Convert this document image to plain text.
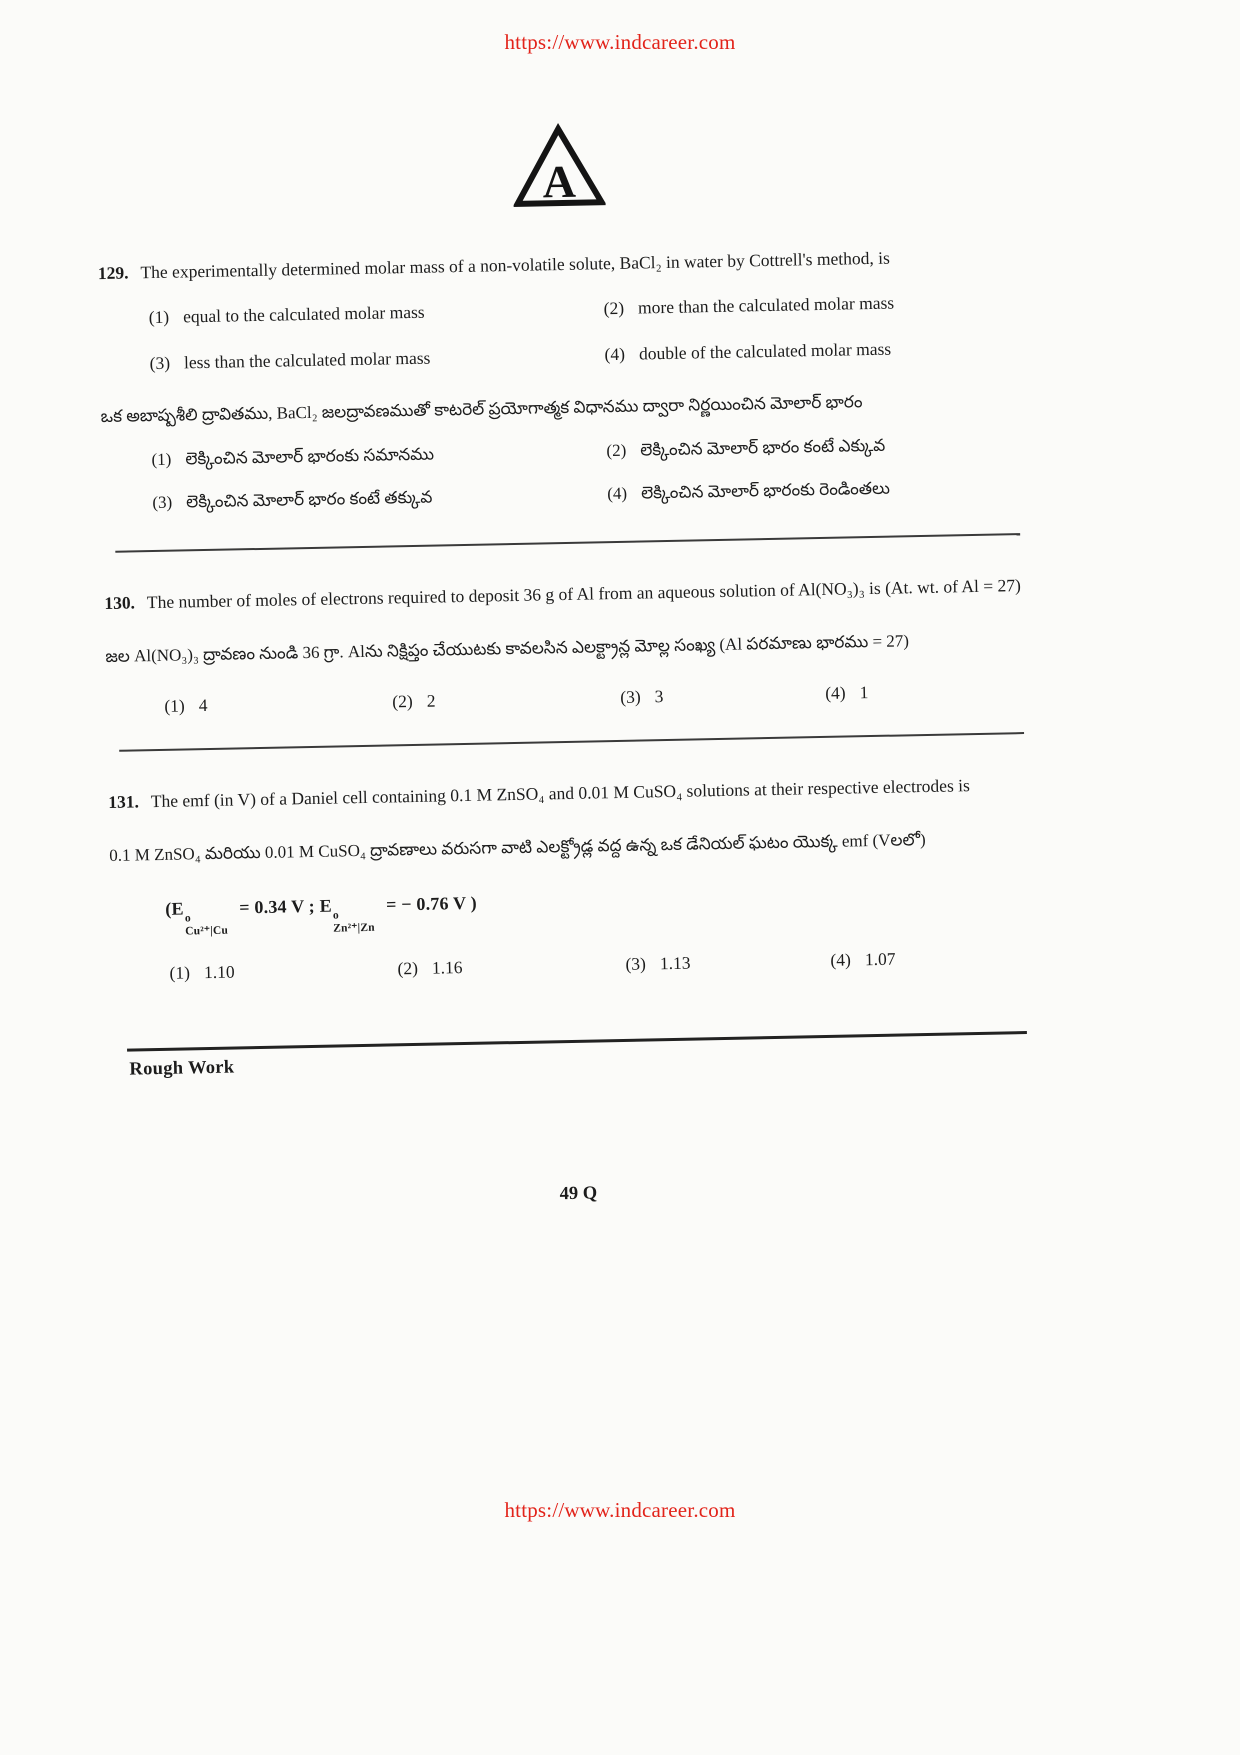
https://www.indcareer.com
A
129. The experimentally determined molar mass of a non-volatile solute, BaCl₂ in water by Cottrell's method, is

(1) equal to the calculated molar mass	(2) more than the calculated molar mass
(3) less than the calculated molar mass	(4) double of the calculated molar mass

ఒక అబాష్పశీలి ద్రావితము, BaCl₂ జలద్రావణముతో కాటరెల్ ప్రయోగాత్మక విధానము ద్వారా నిర్ణయించిన మోలార్ భారం

(1) లెక్కించిన మోలార్ భారంకు సమానము	(2) లెక్కించిన మోలార్ భారం కంటే ఎక్కువ
(3) లెక్కించిన మోలార్ భారం కంటే తక్కువ	(4) లెక్కించిన మోలార్ భారంకు రెండింతలు
130. The number of moles of electrons required to deposit 36 g of Al from an aqueous solution of Al(NO₃)₃ is (At. wt. of Al = 27)

జల Al(NO₃)₃ ద్రావణం నుండి 36 గ్రా. Alను నిక్షిప్తం చేయుటకు కావలసిన ఎలక్ట్రాన్ల మోల్ల సంఖ్య (Al పరమాణు భారము = 27)

(1) 4	(2) 2	(3) 3	(4) 1
131. The emf (in V) of a Daniel cell containing 0.1 M ZnSO₄ and 0.01 M CuSO₄ solutions at their respective electrodes is

0.1 M ZnSO₄ మరియు 0.01 M CuSO₄ ద్రావణాలు వరుసగా వాటి ఎలక్ట్రోడ్ల వద్ద ఉన్న ఒక డేనియల్ ఘటం యొక్క emf (Vలలో)

(E o
Cu²⁺|Cu
= 0.34 V ; E o
Zn²⁺|Zn
= − 0.76 V )
(1) 1.10	(2) 1.16	(3) 1.13	(4) 1.07
Rough Work
49 Q
https://www.indcareer.com
